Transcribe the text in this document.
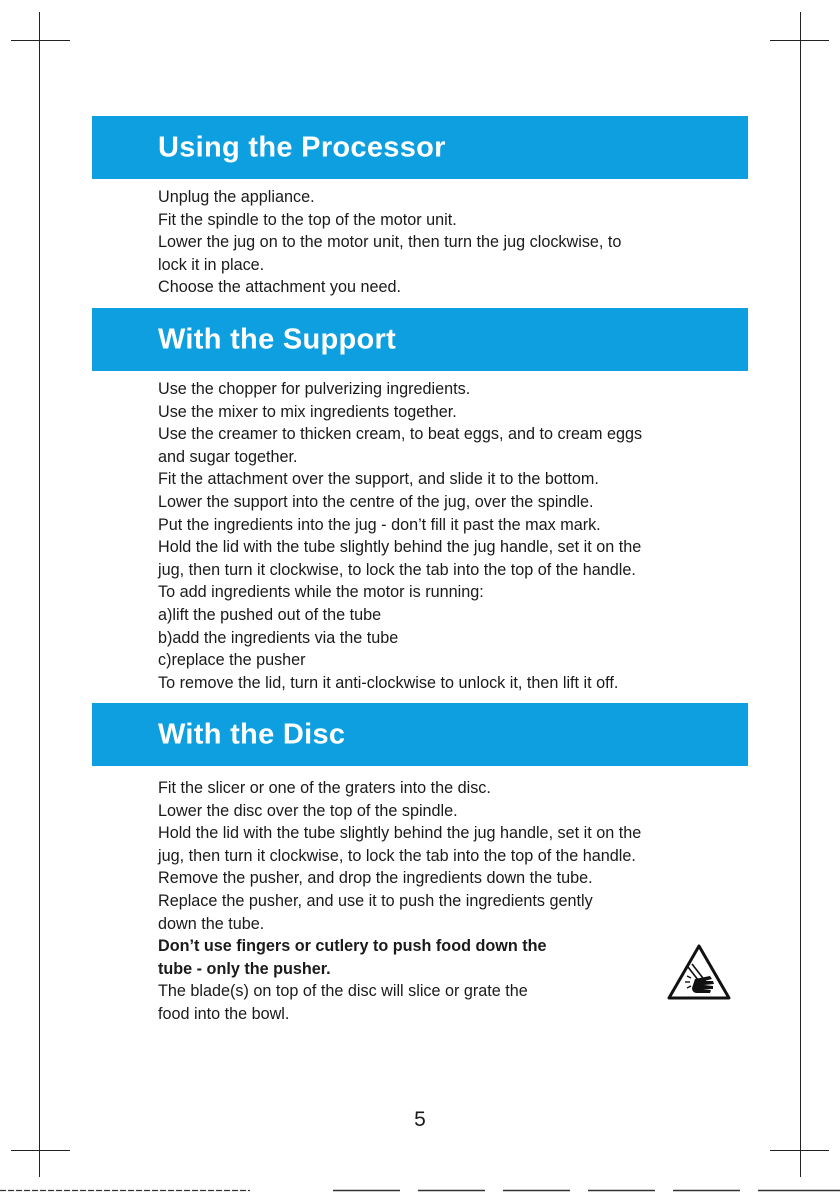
Using the Processor
Unplug the appliance.
Fit the spindle to the top of the motor unit.
Lower the jug on to the motor unit, then turn the jug clockwise, to
lock it in place.
Choose the attachment you need.
With the Support
Use the chopper for pulverizing ingredients.
Use the mixer to mix ingredients together.
Use the creamer to thicken cream, to beat eggs, and to cream eggs
and sugar together.
Fit the attachment over the support, and slide it to the bottom.
Lower the support into the centre of the jug, over the spindle.
Put the ingredients into the jug - don’t fill it past the max mark.
Hold the lid with the tube slightly behind the jug handle, set it on the
jug, then turn it clockwise, to lock the tab into the top of the handle.
To add ingredients while the motor is running:
a)lift the pushed out of the tube
b)add the ingredients via the tube
c)replace the pusher
To remove the lid, turn it anti-clockwise to unlock it, then lift it off.
With the Disc
Fit the slicer or one of the graters into the disc.
Lower the disc over the top of the spindle.
Hold the lid with the tube slightly behind the jug handle, set it on the
jug, then turn it clockwise, to lock the tab into the top of the handle.
Remove the pusher, and drop the ingredients down the tube.
Replace the pusher, and use it to push the ingredients gently
down the tube.
Don’t use fingers or cutlery to push food down the
tube - only the pusher.
The blade(s) on top of the disc will slice or grate the
food into the bowl.
5
